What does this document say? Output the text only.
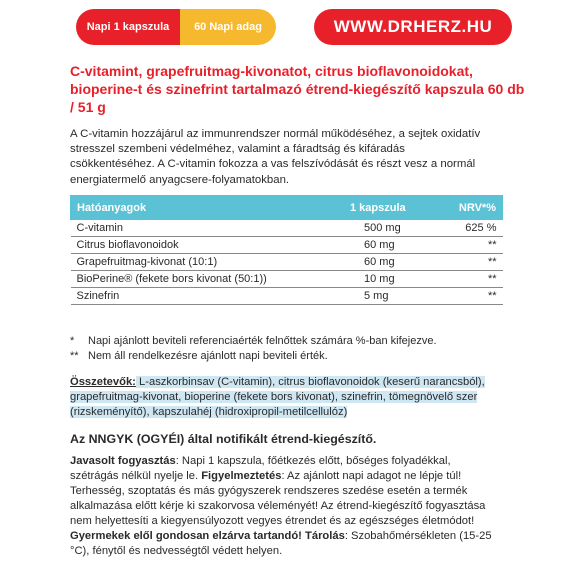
Napi 1 kapszula	60 Napi adag	WWW.DRHERZ.HU
C-vitamint, grapefruitmag-kivonatot, citrus bioflavonoidokat, bioperine-t és szinefrint tartalmazó étrend-kiegészítő kapszula 60 db / 51 g
A C-vitamin hozzájárul az immunrendszer normál működéséhez, a sejtek oxidatív stresszel szembeni védelméhez, valamint a fáradtság és kifáradás csökkentéséhez. A C-vitamin fokozza a vas felszívódását és részt vesz a normál energiatermelő anyagcsere-folyamatokban.
Hatóanyagok	1 kapszula	NRV*%
C-vitamin	500 mg	625 %
Citrus bioflavonoidok	60 mg	**
Grapefruitmag-kivonat (10:1)	60 mg	**
BioPerine® (fekete bors kivonat (50:1))	10 mg	**
Szinefrin	5 mg	**
*	Napi ajánlott beviteli referenciaérték felnőttek számára %-ban kifejezve.
** Nem áll rendelkezésre ajánlott napi beviteli érték.
Összetevők: L-aszkorbinsav (C-vitamin), citrus bioflavonoidok (keserű narancsból), grapefruitmag-kivonat, bioperine (fekete bors kivonat), szinefrin, tömegnövelő szer (rizskeményítő), kapszulahéj (hidroxipropil-metilcellulóz)
Az NNGYK (OGYÉI) által notifikált étrend-kiegészítő.
Javasolt fogyasztás: Napi 1 kapszula, főétkezés előtt, bőséges folyadékkal, szétrágás nélkül nyelje le. Figyelmeztetés: Az ajánlott napi adagot ne lépje túl! Terhesség, szoptatás és más gyógyszerek rendszeres szedése esetén a termék alkalmazása előtt kérje ki szakorvosa véleményét! Az étrend-kiegészítő fogyasztása nem helyettesíti a kiegyensúlyozott vegyes étrendet és az egészséges életmódot! Gyermekek elől gondosan elzárva tartandó! Tárolás: Szobahőmérsékleten (15-25 °C), fénytől és nedvességtől védett helyen.
